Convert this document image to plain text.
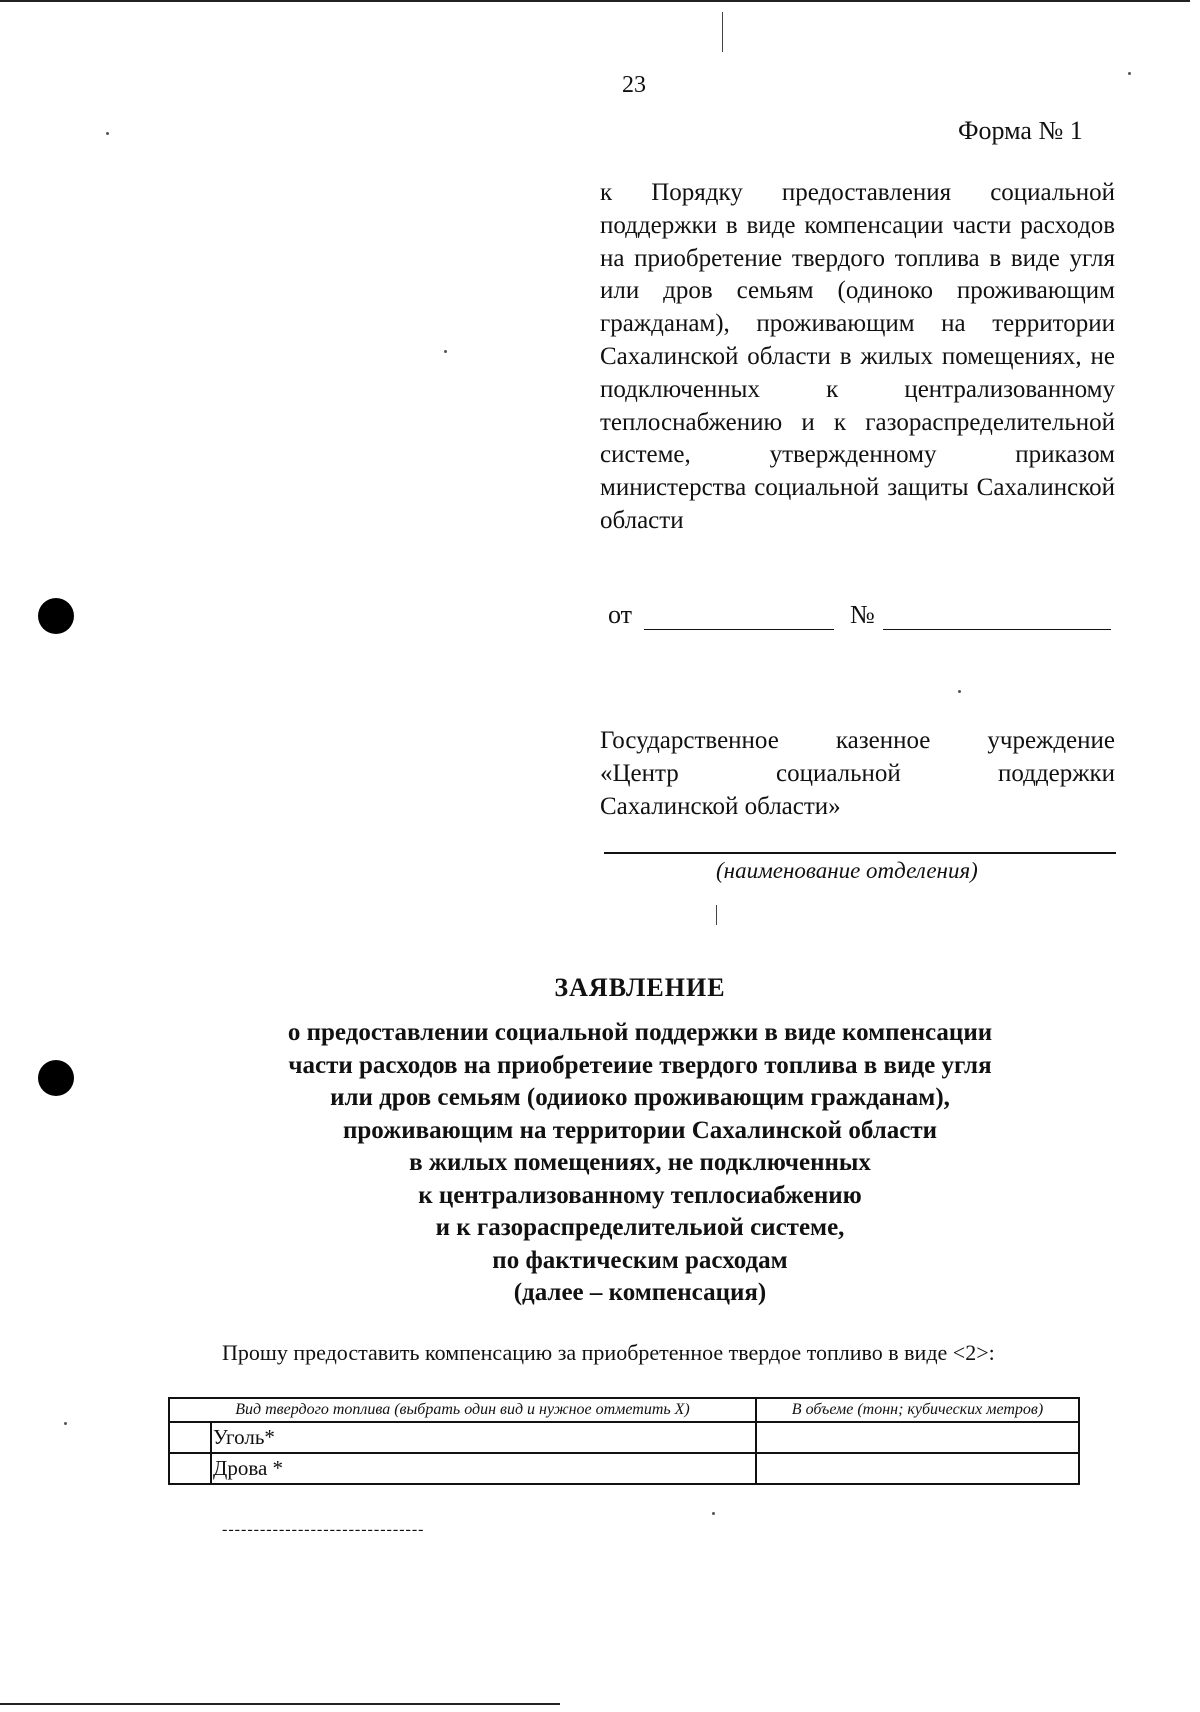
23
Форма № 1
к Порядку предоставления социальной поддержки в виде компенсации части расходов на приобретение твердого топлива в виде угля или дров семьям (одиноко проживающим гражданам), проживающим на территории Сахалинской области в жилых помещениях, не подключенных к централизованному теплоснабжению и к газораспределительной системе, утвержденному приказом министерства социальной защиты Сахалинской области
от	№
Государственное казенное учреждение
«Центр социальной поддержки
Сахалинской области»
(наименование отделения)
ЗАЯВЛЕНИЕ
о предоставлении социальной поддержки в виде компенсации
части расходов на приобретеиие твердого топлива в виде угля
или дров семьям (одииоко проживающим гражданам),
проживающим на территории Сахалинской области
в жилых помещениях, не подключенных
к централизованному теплосиабжению
и к газораспределительиой системе,
по фактическим расходам
(далее – компенсация)
Прошу предоставить компенсацию за приобретенное твердое топливо в виде <2>:
Вид твердого топлива (выбрать один вид и нужное отметить Х)		В объеме (тонн; кубических метров)
	Уголь*	
	Дрова *	
--------------------------------
